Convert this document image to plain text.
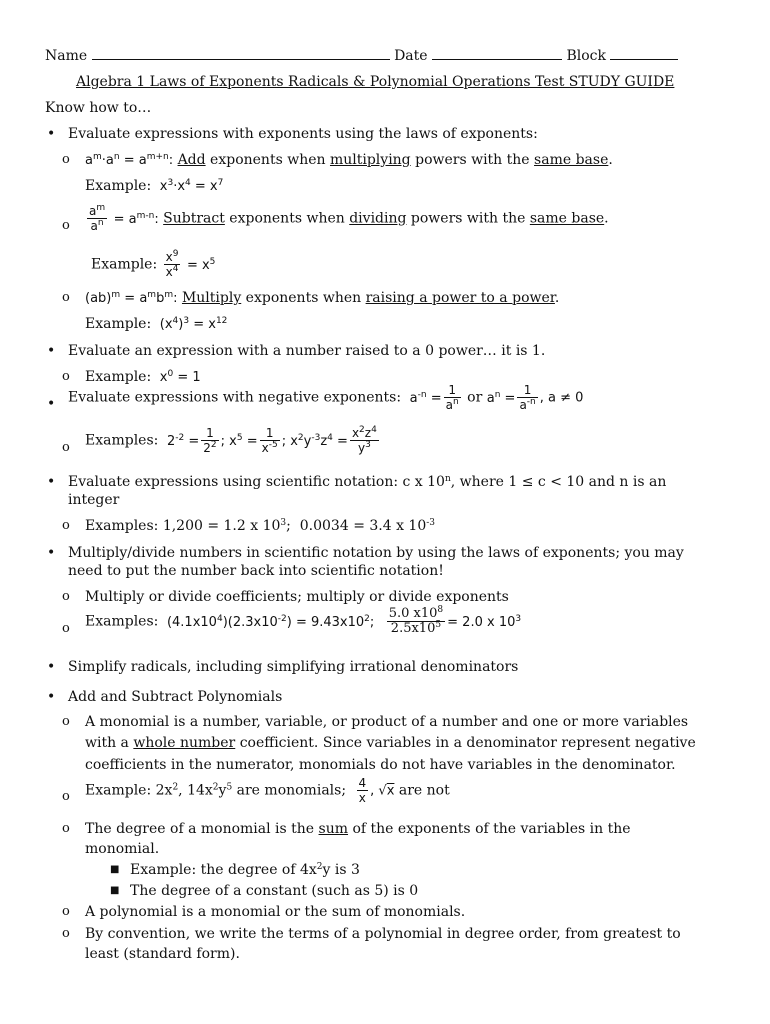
Name	Date	Block
Algebra 1 Laws of Exponents Radicals & Polynomial Operations Test STUDY GUIDE
Know how to…
• Evaluate expressions with exponents using the laws of exponents:
o $a^m\cdot a^n = a^{m+n}$: Add exponents when multiplying powers with the same base.
Example:  $x^3\cdot x^4 = x^7$
o $\frac{a^m}{a^n} = a^{m-n}$: Subtract exponents when dividing powers with the same base.
Example: $\frac{x^9}{x^4} = x^5$
o $(ab)^m = a^mb^m$: Multiply exponents when raising a power to a power.
Example:  $(x^4)^3 = x^{12}$
• Evaluate an expression with a number raised to a 0 power… it is 1.
o Example:  $x^0 = 1$
• Evaluate expressions with negative exponents:  $a^{-n} = \frac{1}{a^n}$ or $a^n = \frac{1}{a^{-n}}$ , a ≠ 0
o Examples:  $2^{-2} = \frac{1}{2^2}$ ; $x^5 = \frac{1}{x^{-5}}$ ; $x^2y^{-3}z^4 = \frac{x^2z^4}{y^3}$
• Evaluate expressions using scientific notation: c x 10$^n$, where 1 ≤ c < 10 and n is an
integer
o Examples: 1,200 = 1.2 x $10^3$;  0.0034 = 3.4 x $10^{-3}$
• Multiply/divide numbers in scientific notation by using the laws of exponents; you may
need to put the number back into scientific notation!
o Multiply or divide coefficients; multiply or divide exponents
o Examples:  $(4.1x10^4)(2.3x10^{-2}) = 9.43x10^2$; $\frac{5.0 x10^8}{2.5x10^5} = 2.0$ x $10^3$
• Simplify radicals, including simplifying irrational denominators
• Add and Subtract Polynomials
o A monomial is a number, variable, or product of a number and one or more variables
with a whole number coefficient. Since variables in a denominator represent negative
coefficients in the numerator, monomials do not have variables in the denominator.
o Example: $2x^2$, $14x^2y^5$ are monomials; $\frac{4}{x}$ , √x are not
o The degree of a monomial is the sum of the exponents of the variables in the
monomial.
■ Example: the degree of $4x^2y$ is 3
■ The degree of a constant (such as 5) is 0
o A polynomial is a monomial or the sum of monomials.
o By convention, we write the terms of a polynomial in degree order, from greatest to
least (standard form).
